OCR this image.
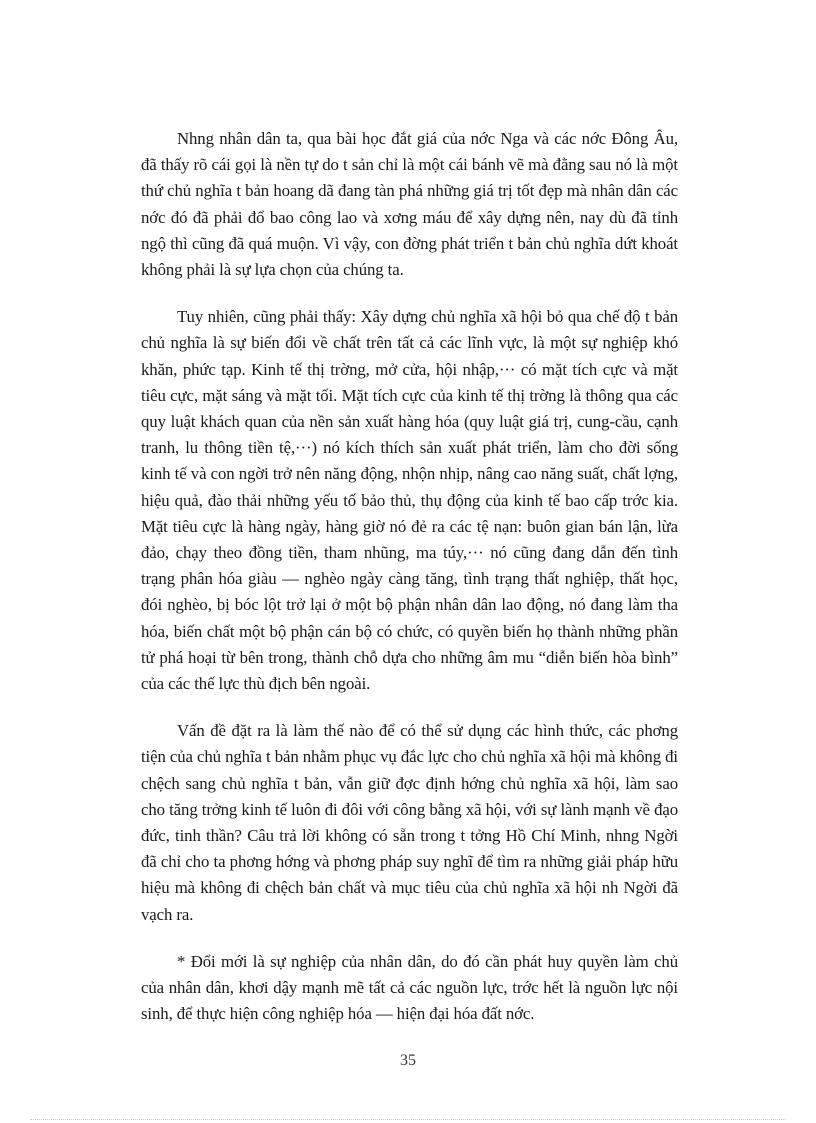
Nhng nhân dân ta, qua bài học đắt giá của nớc Nga và các nớc Đông Âu, đã thấy rõ cái gọi là nền tự do t sản chỉ là một cái bánh vẽ mà đằng sau nó là một thứ chủ nghĩa t bản hoang dã đang tàn phá những giá trị tốt đẹp mà nhân dân các nớc đó đã phải đổ bao công lao và xơng máu để xây dựng nên, nay dù đã tỉnh ngộ thì cũng đã quá muộn. Vì vậy, con đờng phát triển t bản chủ nghĩa dứt khoát không phải là sự lựa chọn của chúng ta.

Tuy nhiên, cũng phải thấy: Xây dựng chủ nghĩa xã hội bỏ qua chế độ t bản chủ nghĩa là sự biến đổi về chất trên tất cả các lĩnh vực, là một sự nghiệp khó khăn, phức tạp. Kinh tế thị trờng, mở cửa, hội nhập,··· có mặt tích cực và mặt tiêu cực, mặt sáng và mặt tối. Mặt tích cực của kinh tế thị trờng là thông qua các quy luật khách quan của nền sản xuất hàng hóa (quy luật giá trị, cung-cầu, cạnh tranh, lu thông tiền tệ,···) nó kích thích sản xuất phát triển, làm cho đời sống kinh tế và con ngời trở nên năng động, nhộn nhịp, nâng cao năng suất, chất lợng, hiệu quả, đào thải những yếu tố bảo thủ, thụ động của kinh tế bao cấp trớc kia. Mặt tiêu cực là hàng ngày, hàng giờ nó đẻ ra các tệ nạn: buôn gian bán lận, lừa đảo, chạy theo đồng tiền, tham nhũng, ma túy,··· nó cũng đang dẫn đến tình trạng phân hóa giàu — nghèo ngày càng tăng, tình trạng thất nghiệp, thất học, đói nghèo, bị bóc lột trở lại ở một bộ phận nhân dân lao động, nó đang làm tha hóa, biến chất một bộ phận cán bộ có chức, có quyền biến họ thành những phần tử phá hoại từ bên trong, thành chỗ dựa cho những âm mu “diễn biến hòa bình” của các thế lực thù địch bên ngoài.

Vấn đề đặt ra là làm thế nào để có thể sử dụng các hình thức, các phơng tiện của chủ nghĩa t bản nhằm phục vụ đắc lực cho chủ nghĩa xã hội mà không đi chệch sang chủ nghĩa t bản, vẫn giữ đợc định hớng chủ nghĩa xã hội, làm sao cho tăng trởng kinh tế luôn đi đôi với công bằng xã hội, với sự lành mạnh về đạo đức, tinh thần? Câu trả lời không có sẵn trong t tởng Hồ Chí Minh, nhng Ngời đã chỉ cho ta phơng hớng và phơng pháp suy nghĩ để tìm ra những giải pháp hữu hiệu mà không đi chệch bản chất và mục tiêu của chủ nghĩa xã hội nh Ngời đã vạch ra.

* Đổi mới là sự nghiệp của nhân dân, do đó cần phát huy quyền làm chủ của nhân dân, khơi dậy mạnh mẽ tất cả các nguồn lực, trớc hết là nguồn lực nội sinh, để thực hiện công nghiệp hóa — hiện đại hóa đất nớc.

35
